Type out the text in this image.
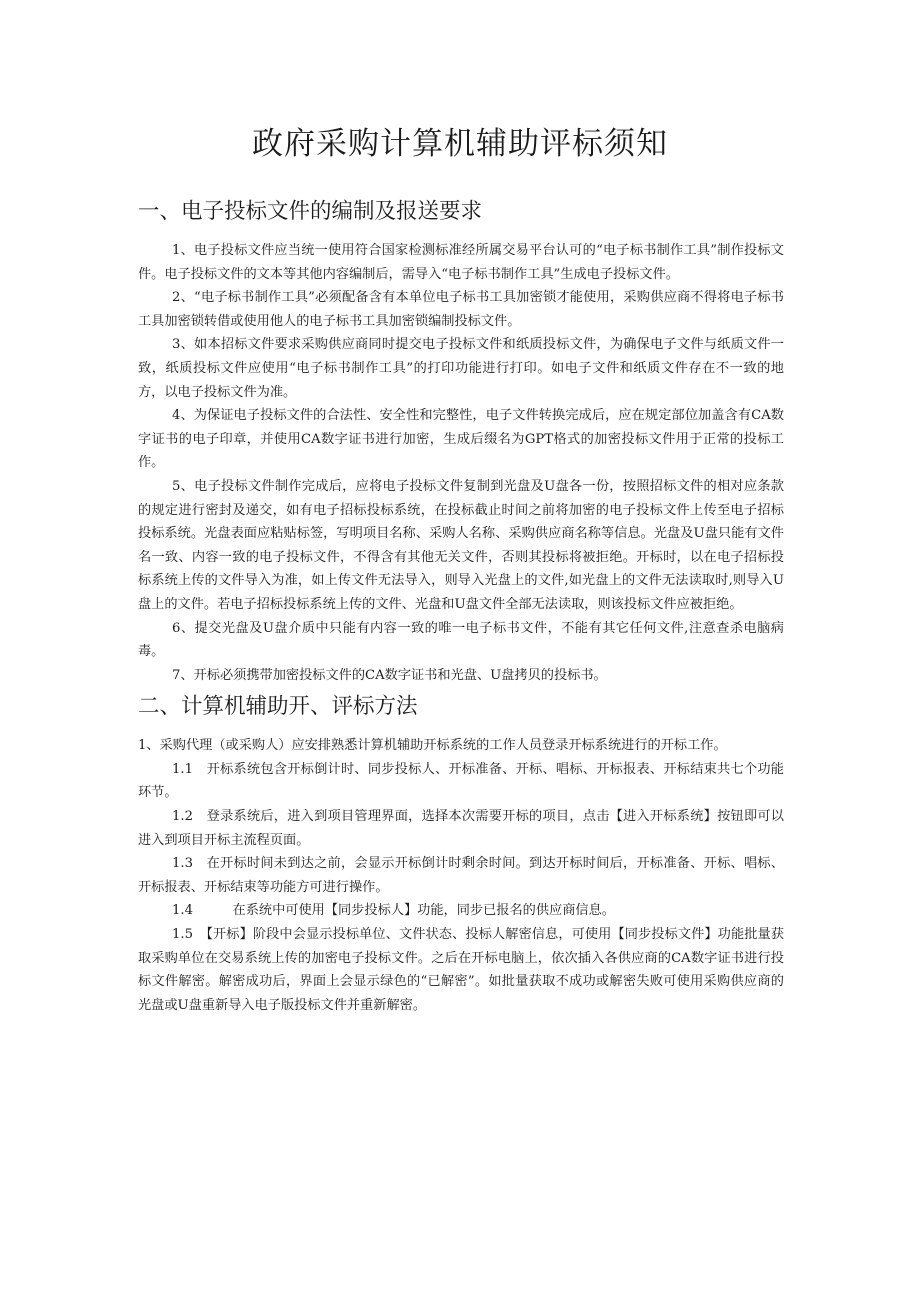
政府采购计算机辅助评标须知
一、电子投标文件的编制及报送要求

1、电子投标文件应当统一使用符合国家检测标准经所属交易平台认可的“电子标书制作工具”制作投标文件。电子投标文件的文本等其他内容编制后，需导入“电子标书制作工具”生成电子投标文件。

2、“电子标书制作工具”必须配备含有本单位电子标书工具加密锁才能使用，采购供应商不得将电子标书工具加密锁转借或使用他人的电子标书工具加密锁编制投标文件。

3、如本招标文件要求采购供应商同时提交电子投标文件和纸质投标文件，为确保电子文件与纸质文件一致，纸质投标文件应使用“电子标书制作工具”的打印功能进行打印。如电子文件和纸质文件存在不一致的地方，以电子投标文件为准。

4、为保证电子投标文件的合法性、安全性和完整性，电子文件转换完成后，应在规定部位加盖含有CA数字证书的电子印章，并使用CA数字证书进行加密，生成后缀名为GPT格式的加密投标文件用于正常的投标工作。

5、电子投标文件制作完成后，应将电子投标文件复制到光盘及U盘各一份，按照招标文件的相对应条款的规定进行密封及递交，如有电子招标投标系统，在投标截止时间之前将加密的电子投标文件上传至电子招标投标系统。光盘表面应粘贴标签，写明项目名称、采购人名称、采购供应商名称等信息。光盘及U盘只能有文件名一致、内容一致的电子投标文件，不得含有其他无关文件，否则其投标将被拒绝。开标时，以在电子招标投标系统上传的文件导入为准，如上传文件无法导入，则导入光盘上的文件,如光盘上的文件无法读取时,则导入U盘上的文件。若电子招标投标系统上传的文件、光盘和U盘文件全部无法读取，则该投标文件应被拒绝。

6、提交光盘及U盘介质中只能有内容一致的唯一电子标书文件，不能有其它任何文件,注意查杀电脑病毒。

7、开标必须携带加密投标文件的CA数字证书和光盘、U盘拷贝的投标书。

二、计算机辅助开、评标方法

1、采购代理（或采购人）应安排熟悉计算机辅助开标系统的工作人员登录开标系统进行的开标工作。

1.1　开标系统包含开标倒计时、同步投标人、开标准备、开标、唱标、开标报表、开标结束共七个功能环节。

1.2　登录系统后，进入到项目管理界面，选择本次需要开标的项目，点击【进入开标系统】按钮即可以进入到项目开标主流程页面。

1.3　在开标时间未到达之前，会显示开标倒计时剩余时间。到达开标时间后，开标准备、开标、唱标、开标报表、开标结束等功能方可进行操作。

1.4　　　在系统中可使用【同步投标人】功能，同步已报名的供应商信息。

1.5　【开标】阶段中会显示投标单位、文件状态、投标人解密信息，可使用【同步投标文件】功能批量获取采购单位在交易系统上传的加密电子投标文件。之后在开标电脑上，依次插入各供应商的CA数字证书进行投标文件解密。解密成功后，界面上会显示绿色的“已解密”。如批量获取不成功或解密失败可使用采购供应商的光盘或U盘重新导入电子版投标文件并重新解密。
